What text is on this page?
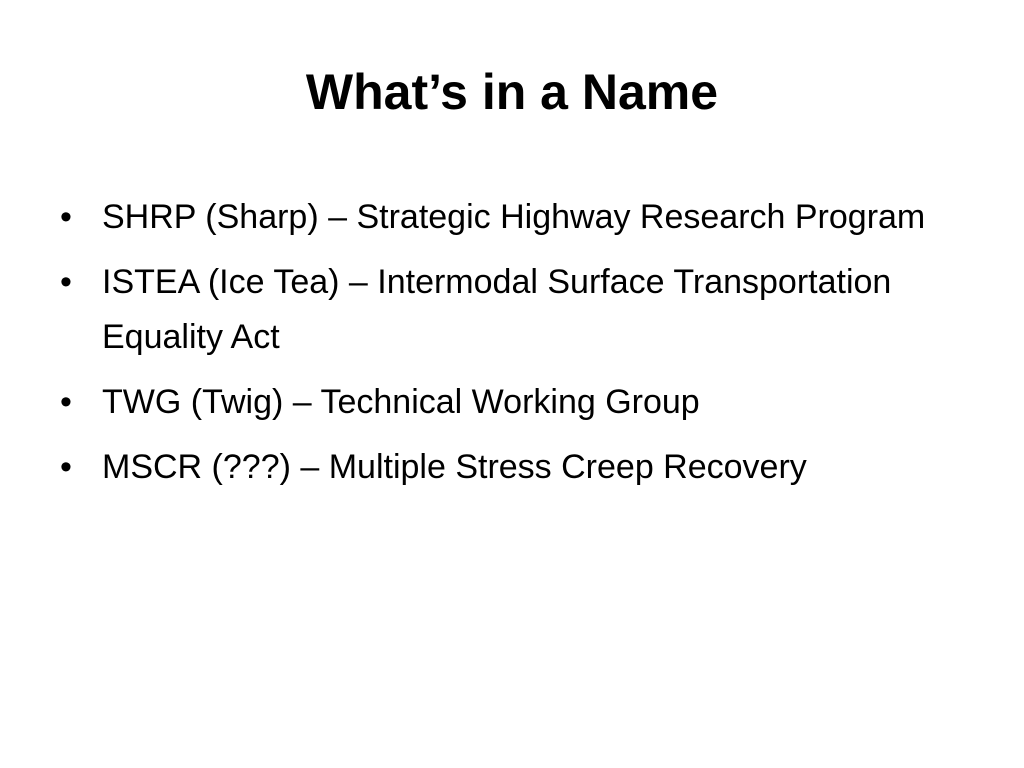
What’s in a Name
• SHRP (Sharp) – Strategic Highway Research Program
• ISTEA (Ice Tea) – Intermodal Surface Transportation Equality Act
• TWG (Twig) – Technical Working Group
• MSCR (???) – Multiple Stress Creep Recovery
